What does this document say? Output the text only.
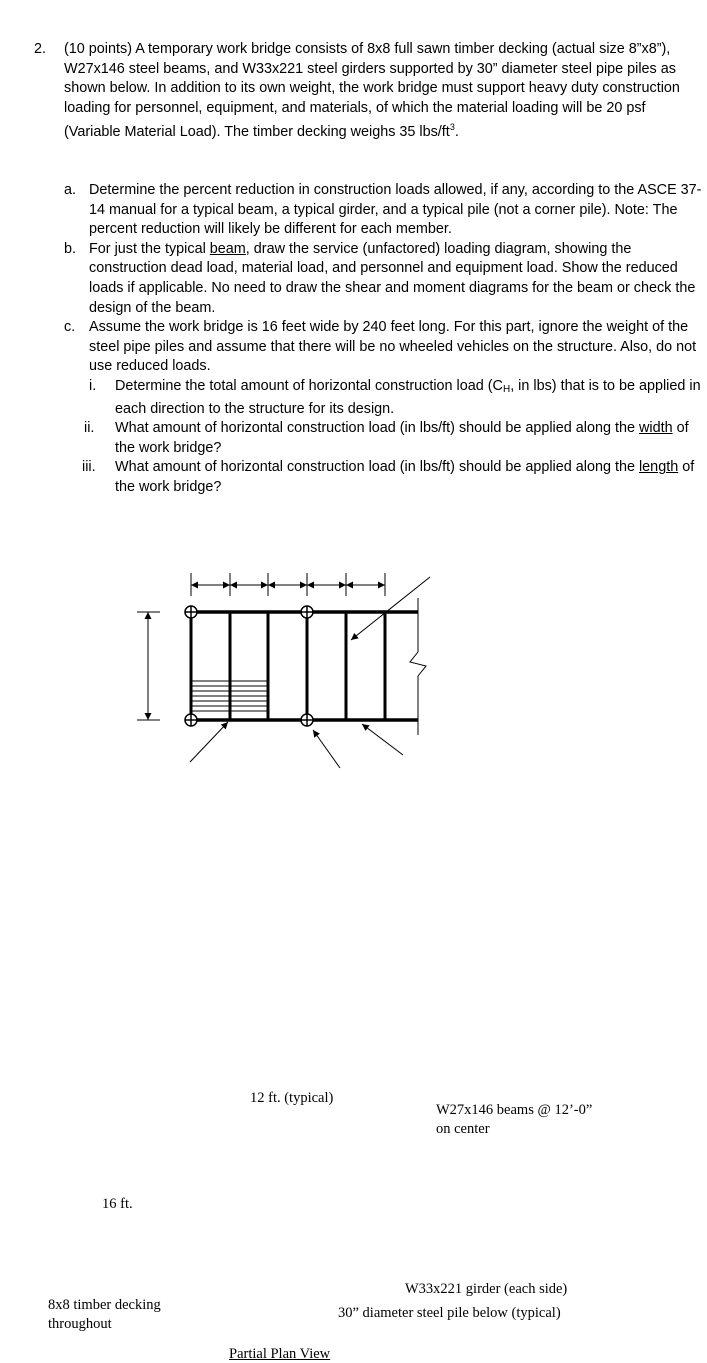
2. (10 points) A temporary work bridge consists of 8x8 full sawn timber decking (actual size 8”x8”), W27x146 steel beams, and W33x221 steel girders supported by 30” diameter steel pipe piles as shown below. In addition to its own weight, the work bridge must support heavy duty construction loading for personnel, equipment, and materials, of which the material loading will be 20 psf (Variable Material Load). The timber decking weighs 35 lbs/$ft^3$.
a. Determine the percent reduction in construction loads allowed, if any, according to the ASCE 37-14 manual for a typical beam, a typical girder, and a typical pile (not a corner pile). Note: The percent reduction will likely be different for each member.
b. For just the typical beam, draw the service (unfactored) loading diagram, showing the construction dead load, material load, and personnel and equipment load. Show the reduced loads if applicable. No need to draw the shear and moment diagrams for the beam or check the design of the beam.
c. Assume the work bridge is 16 feet wide by 240 feet long. For this part, ignore the weight of the steel pipe piles and assume that there will be no wheeled vehicles on the structure. Also, do not use reduced loads.
i. Determine the total amount of horizontal construction load (CH, in lbs) that is to be applied in each direction to the structure for its design.
ii. What amount of horizontal construction load (in lbs/ft) should be applied along the width of the work bridge?
iii. What amount of horizontal construction load (in lbs/ft) should be applied along the length of the work bridge?
12 ft. (typical)
W27x146 beams @ 12’-0”
on center
16 ft.
W33x221 girder (each side)
30” diameter steel pile below (typical)
8x8 timber decking
throughout
Partial Plan View
